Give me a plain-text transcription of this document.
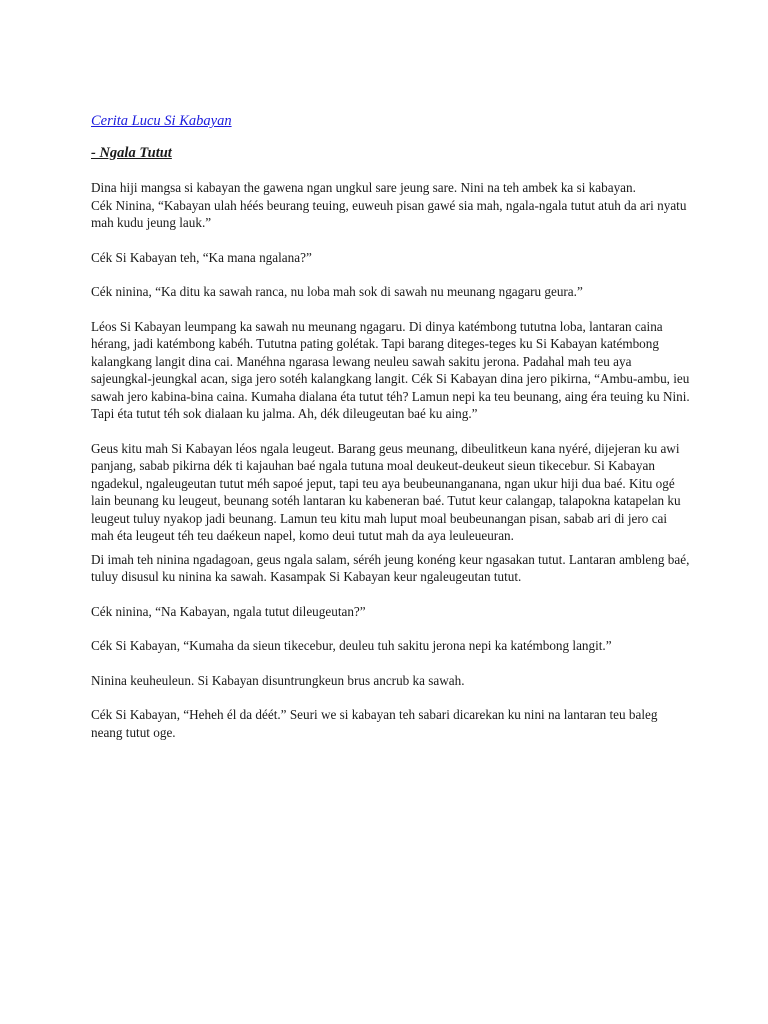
Cerita Lucu Si Kabayan

- Ngala Tutut

Dina hiji mangsa si kabayan the gawena ngan ungkul sare jeung sare. Nini na teh ambek ka si kabayan.
Cék Ninina, “Kabayan ulah héés beurang teuing, euweuh pisan gawé sia mah, ngala-ngala tutut atuh da ari nyatu mah kudu jeung lauk.”

Cék Si Kabayan teh, “Ka mana ngalana?”

Cék ninina, “Ka ditu ka sawah ranca, nu loba mah sok di sawah nu meunang ngagaru geura.”

Léos Si Kabayan leumpang ka sawah nu meunang ngagaru. Di dinya katémbong tututna loba, lantaran caina hérang, jadi katémbong kabéh. Tututna pating golétak. Tapi barang diteges-teges ku Si Kabayan katémbong kalangkang langit dina cai. Manéhna ngarasa lewang neuleu sawah sakitu jerona. Padahal mah teu aya sajeungkal-jeungkal acan, siga jero sotéh kalangkang langit. Cék Si Kabayan dina jero pikirna, “Ambu-ambu, ieu sawah jero kabina-bina caina. Kumaha dialana éta tutut téh? Lamun nepi ka teu beunang, aing éra teuing ku Nini. Tapi éta tutut téh sok dialaan ku jalma. Ah, dék dileugeutan baé ku aing.”

Geus kitu mah Si Kabayan léos ngala leugeut. Barang geus meunang, dibeulitkeun kana nyéré, dijejeran ku awi panjang, sabab pikirna dék ti kajauhan baé ngala tutuna moal deukeut-deukeut sieun tikecebur. Si Kabayan ngadekul, ngaleugeutan tutut méh sapoé jeput, tapi teu aya beubeunanganana, ngan ukur hiji dua baé. Kitu ogé lain beunang ku leugeut, beunang sotéh lantaran ku kabeneran baé. Tutut keur calangap, talapokna katapelan ku leugeut tuluy nyakop jadi beunang. Lamun teu kitu mah luput moal beubeunangan pisan, sabab ari di jero cai mah éta leugeut téh teu daékeun napel, komo deui tutut mah da aya leuleueuran.

Di imah teh ninina ngadagoan, geus ngala salam, séréh jeung konéng keur ngasakan tutut. Lantaran ambleng baé, tuluy disusul ku ninina ka sawah. Kasampak Si Kabayan keur ngaleugeutan tutut.

Cék ninina, “Na Kabayan, ngala tutut dileugeutan?”

Cék Si Kabayan, “Kumaha da sieun tikecebur, deuleu tuh sakitu jerona nepi ka katémbong langit.”

Ninina keuheuleun. Si Kabayan disuntrungkeun brus ancrub ka sawah.

Cék Si Kabayan, “Heheh él da déét.” Seuri we si kabayan teh sabari dicarekan ku nini na lantaran teu baleg neang tutut oge.
